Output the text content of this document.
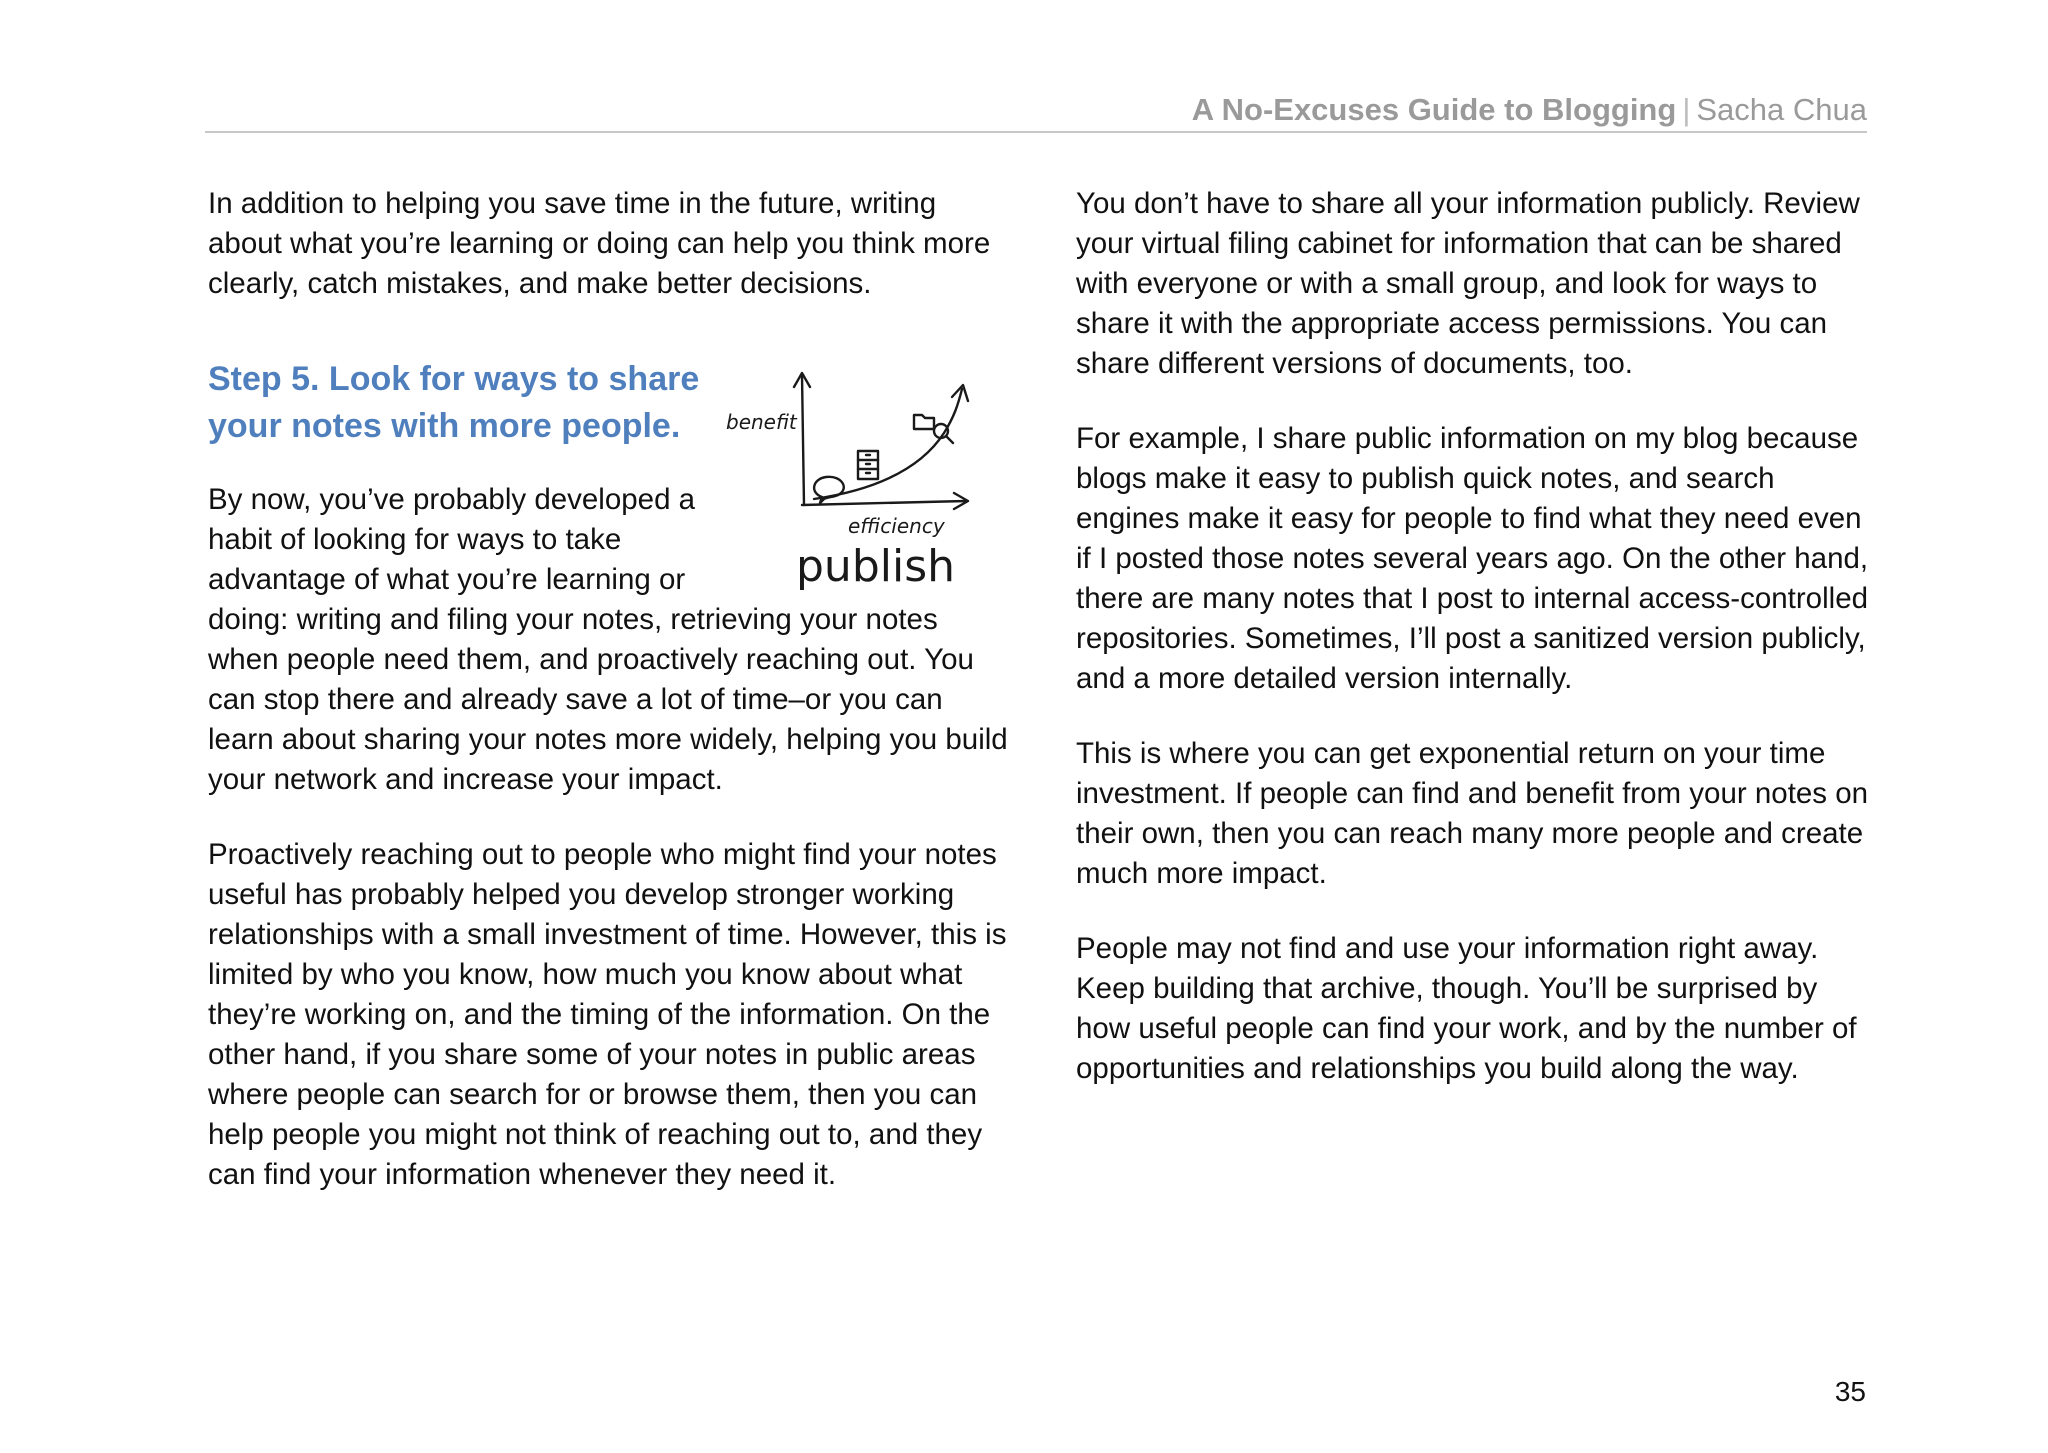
A No-Excuses Guide to Blogging | Sacha Chua

In addition to helping you save time in the future, writing about what you’re learning or doing can help you think more clearly, catch mistakes, and make better decisions.

benefit
efficiency
publish
Step 5. Look for ways to share your notes with more people.

By now, you’ve probably developed a habit of looking for ways to take advantage of what you’re learning or doing: writing and filing your notes, retrieving your notes when people need them, and proactively reaching out. You can stop there and already save a lot of time–or you can learn about sharing your notes more widely, helping you build your network and increase your impact.

Proactively reaching out to people who might find your notes useful has probably helped you develop stronger working relationships with a small investment of time. However, this is limited by who you know, how much you know about what they’re working on, and the timing of the information. On the other hand, if you share some of your notes in public areas where people can search for or browse them, then you can help people you might not think of reaching out to, and they can find your information whenever they need it.

You don’t have to share all your information publicly. Review your virtual filing cabinet for information that can be shared with everyone or with a small group, and look for ways to share it with the appropriate access permissions. You can share different versions of documents, too.

For example, I share public information on my blog because blogs make it easy to publish quick notes, and search engines make it easy for people to find what they need even if I posted those notes several years ago. On the other hand, there are many notes that I post to internal access-controlled repositories. Sometimes, I’ll post a sanitized version publicly, and a more detailed version internally.

This is where you can get exponential return on your time investment. If people can find and benefit from your notes on their own, then you can reach many more people and create much more impact.

People may not find and use your information right away. Keep building that archive, though. You’ll be surprised by how useful people can find your work, and by the number of opportunities and relationships you build along the way.

35
